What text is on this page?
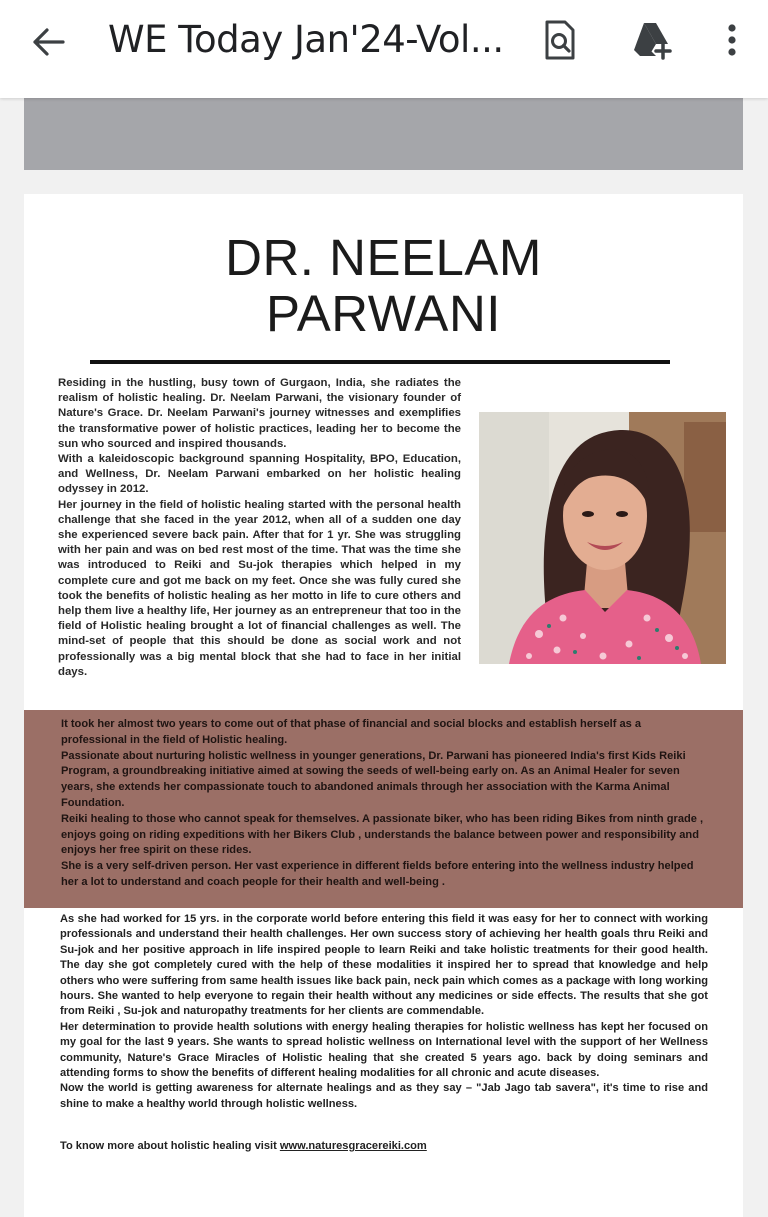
WE Today Jan'24-Vol...
DR. NEELAM
PARWANI

Residing in the hustling, busy town of Gurgaon, India, she radiates the realism of holistic healing. Dr. Neelam Parwani, the visionary founder of Nature's Grace. Dr. Neelam Parwani's journey witnesses and exemplifies the transformative power of holistic practices, leading her to become the sun who sourced and inspired thousands.

With a kaleidoscopic background spanning Hospitality, BPO, Education, and Wellness, Dr. Neelam Parwani embarked on her holistic healing odyssey in 2012.

Her journey in the field of holistic healing started with the personal health challenge that she faced in the year 2012, when all of a sudden one day she experienced severe back pain. After that for 1 yr. She was struggling with her pain and was on bed rest most of the time. That was the time she was introduced to Reiki and Su-jok therapies which helped in my complete cure and got me back on my feet. Once she was fully cured she took the benefits of holistic healing as her motto in life to cure others and help them live a healthy life, Her journey as an entrepreneur that too in the field of Holistic healing brought a lot of financial challenges as well. The mind-set of people that this should be done as social work and not professionally was a big mental block that she had to face in her initial days.

It took her almost two years to come out of that phase of financial and social blocks and establish herself as a professional in the field of Holistic healing.

Passionate about nurturing holistic wellness in younger generations, Dr. Parwani has pioneered India's first Kids Reiki Program, a groundbreaking initiative aimed at sowing the seeds of well-being early on. As an Animal Healer for seven years, she extends her compassionate touch to abandoned animals through her association with the Karma Animal Foundation.

Reiki healing to those who cannot speak for themselves. A passionate biker, who has been riding Bikes from ninth grade , enjoys going on riding expeditions with her Bikers Club , understands the balance between power and responsibility and enjoys her free spirit on these rides.

She is a very self-driven person. Her vast experience in different fields before entering into the wellness industry helped her a lot to understand and coach people for their health and well-being .

As she had worked for 15 yrs. in the corporate world before entering this field it was easy for her to connect with working professionals and understand their health challenges. Her own success story of achieving her health goals thru Reiki and Su-jok and her positive approach in life inspired people to learn Reiki and take holistic treatments for their good health. The day she got completely cured with the help of these modalities it inspired her to spread that knowledge and help others who were suffering from same health issues like back pain, neck pain which comes as a package with long working hours. She wanted to help everyone to regain their health without any medicines or side effects. The results that she got from Reiki , Su-jok and naturopathy treatments for her clients are commendable.

Her determination to provide health solutions with energy healing therapies for holistic wellness has kept her focused on my goal for the last 9 years. She wants to spread holistic wellness on International level with the support of her Wellness community, Nature's Grace Miracles of Holistic healing that she created 5 years ago. back by doing seminars and attending forms to show the benefits of different healing modalities for all chronic and acute diseases.

Now the world is getting awareness for alternate healings and as they say – "Jab Jago tab savera", it's time to rise and shine to make a healthy world through holistic wellness.

To know more about holistic healing visit www.naturesgracereiki.com
